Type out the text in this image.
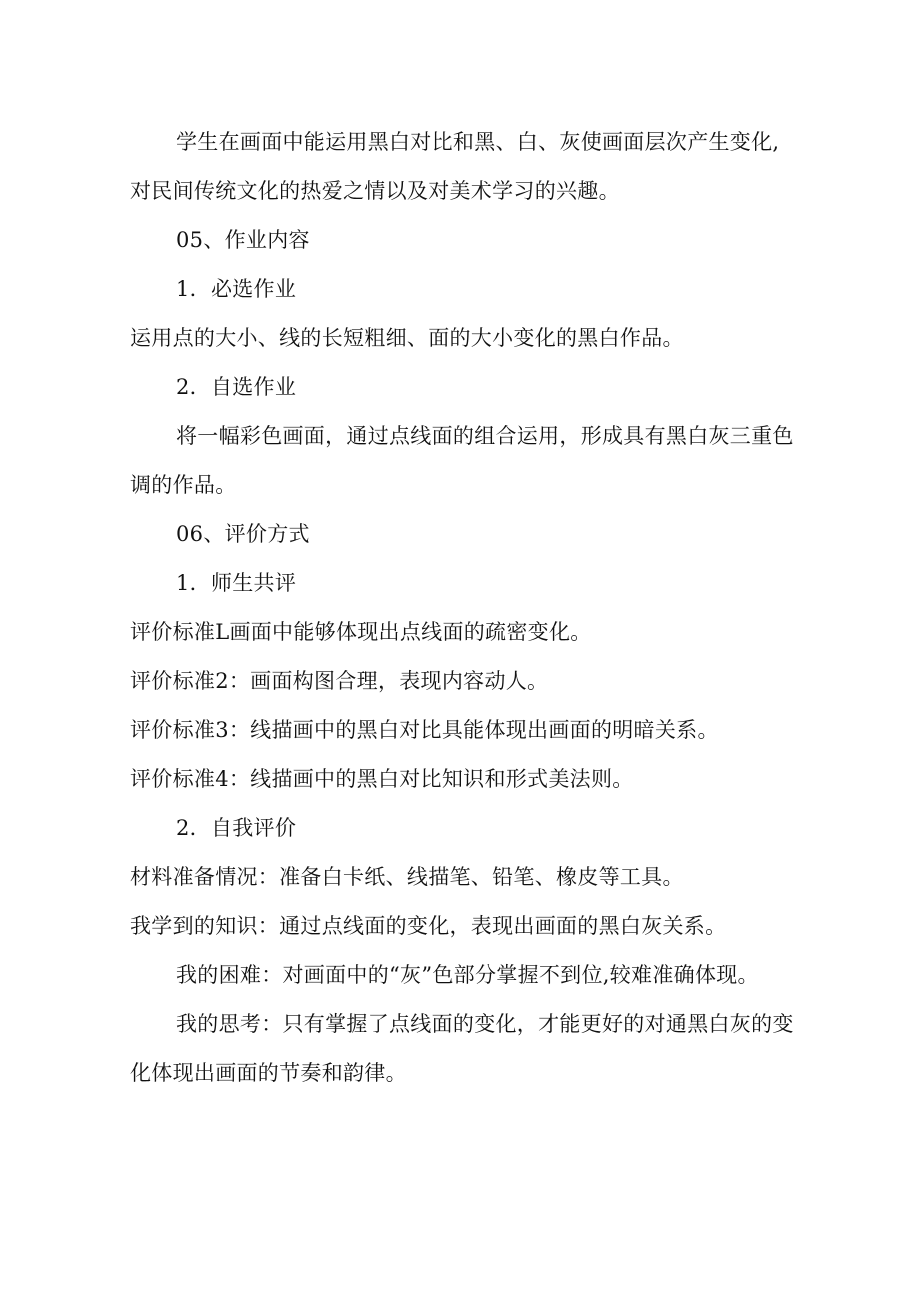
学生在画面中能运用黑白对比和黑、白、灰使画面层次产生变化,对民间传统文化的热爱之情以及对美术学习的兴趣。

05、作业内容

1．必选作业

运用点的大小、线的长短粗细、面的大小变化的黑白作品。

2．自选作业

将一幅彩色画面，通过点线面的组合运用，形成具有黑白灰三重色调的作品。

06、评价方式

1．师生共评

评价标准L画面中能够体现出点线面的疏密变化。

评价标准2：画面构图合理，表现内容动人。

评价标准3：线描画中的黑白对比具能体现出画面的明暗关系。

评价标准4：线描画中的黑白对比知识和形式美法则。

2．自我评价

材料准备情况：准备白卡纸、线描笔、铅笔、橡皮等工具。

我学到的知识：通过点线面的变化，表现出画面的黑白灰关系。

我的困难：对画面中的“灰”色部分掌握不到位,较难准确体现。

我的思考：只有掌握了点线面的变化，才能更好的对通黑白灰的变化体现出画面的节奏和韵律。
